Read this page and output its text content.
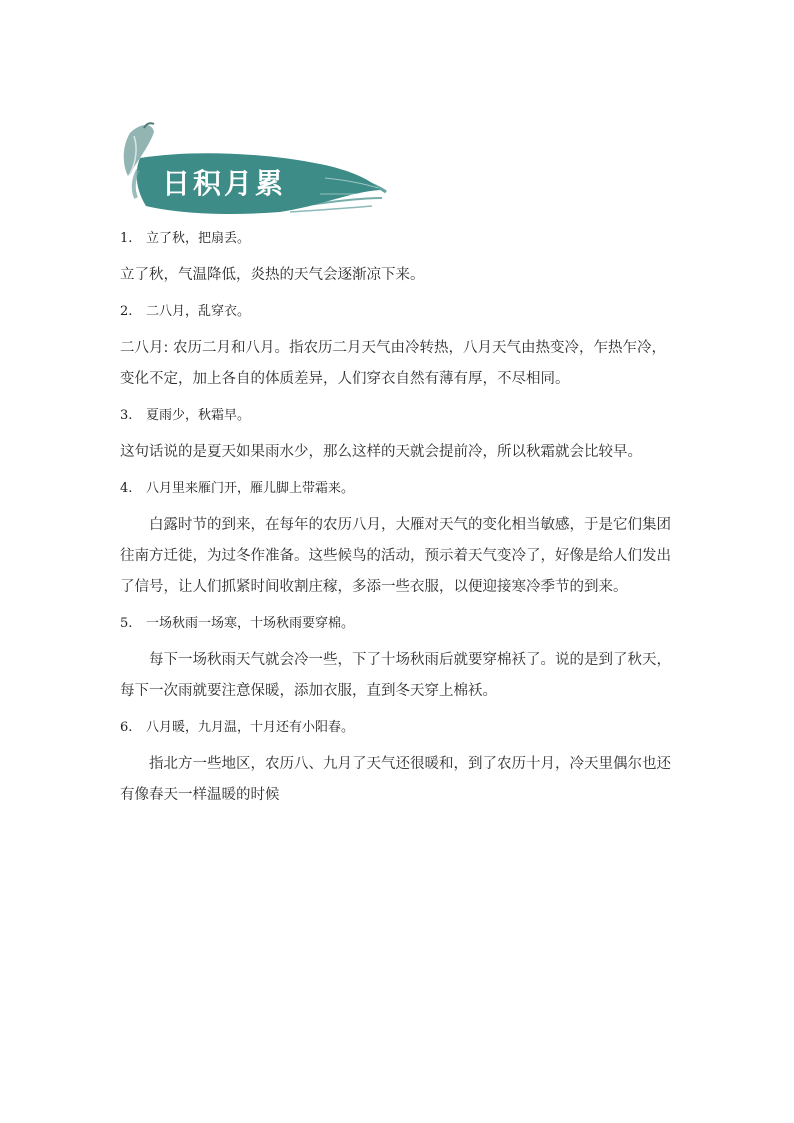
日积月累

1. 立了秋，把扇丢。

立了秋，气温降低，炎热的天气会逐渐凉下来。

2. 二八月，乱穿衣。

二八月: 农历二月和八月。指农历二月天气由冷转热，八月天气由热变冷，乍热乍冷，变化不定，加上各自的体质差异，人们穿衣自然有薄有厚，不尽相同。

3. 夏雨少，秋霜早。

这句话说的是夏天如果雨水少，那么这样的天就会提前冷，所以秋霜就会比较早。

4. 八月里来雁门开，雁儿脚上带霜来。

白露时节的到来，在每年的农历八月，大雁对天气的变化相当敏感，于是它们集团往南方迁徙，为过冬作准备。这些候鸟的活动，预示着天气变冷了，好像是给人们发出了信号，让人们抓紧时间收割庄稼，多添一些衣服，以便迎接寒冷季节的到来。

5. 一场秋雨一场寒，十场秋雨要穿棉。

每下一场秋雨天气就会冷一些，下了十场秋雨后就要穿棉袄了。说的是到了秋天，每下一次雨就要注意保暖，添加衣服，直到冬天穿上棉袄。

6. 八月暖，九月温，十月还有小阳春。

指北方一些地区，农历八、九月了天气还很暖和，到了农历十月，冷天里偶尔也还有像春天一样温暖的时候
